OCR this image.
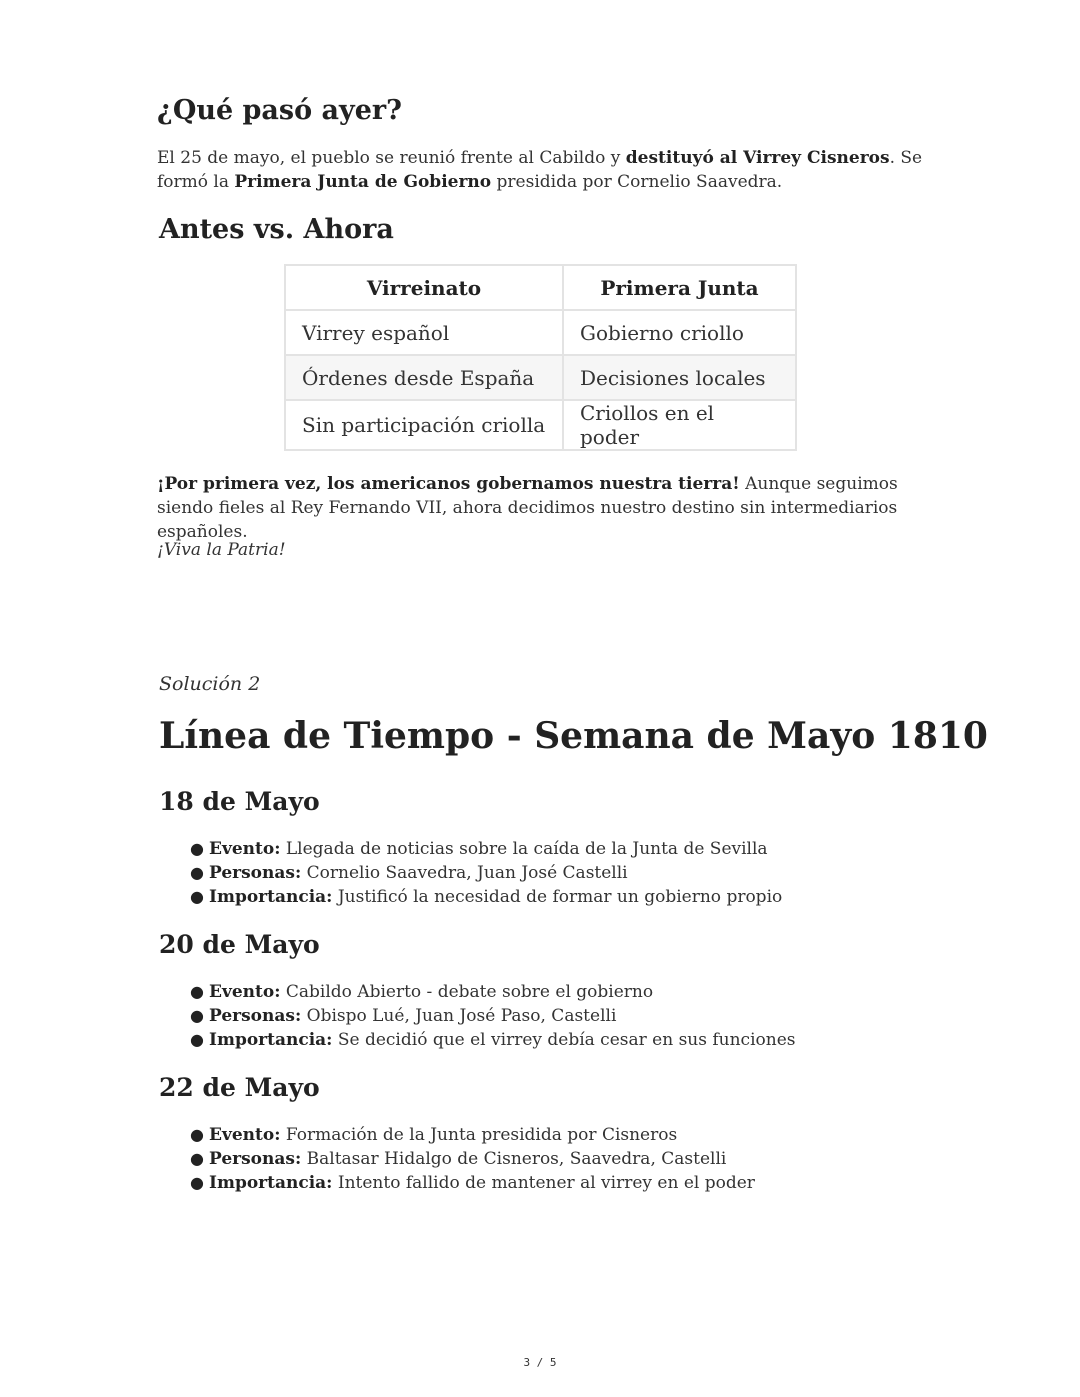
¿Qué pasó ayer?

El 25 de mayo, el pueblo se reunió frente al Cabildo y destituyó al Virrey Cisneros. Se formó la Primera Junta de Gobierno presidida por Cornelio Saavedra.

Antes vs. Ahora
Virreinato	Primera Junta
Virrey español	Gobierno criollo
Órdenes desde España	Decisiones locales
Sin participación criolla	Criollos en el poder

¡Por primera vez, los americanos gobernamos nuestra tierra! Aunque seguimos siendo fieles al Rey Fernando VII, ahora decidimos nuestro destino sin intermediarios españoles.

¡Viva la Patria!

Solución 2

Línea de Tiempo - Semana de Mayo 1810
18 de Mayo
● Evento: Llegada de noticias sobre la caída de la Junta de Sevilla
● Personas: Cornelio Saavedra, Juan José Castelli
● Importancia: Justificó la necesidad de formar un gobierno propio
20 de Mayo
● Evento: Cabildo Abierto - debate sobre el gobierno
● Personas: Obispo Lué, Juan José Paso, Castelli
● Importancia: Se decidió que el virrey debía cesar en sus funciones
22 de Mayo
● Evento: Formación de la Junta presidida por Cisneros
● Personas: Baltasar Hidalgo de Cisneros, Saavedra, Castelli
● Importancia: Intento fallido de mantener al virrey en el poder
3 / 5
